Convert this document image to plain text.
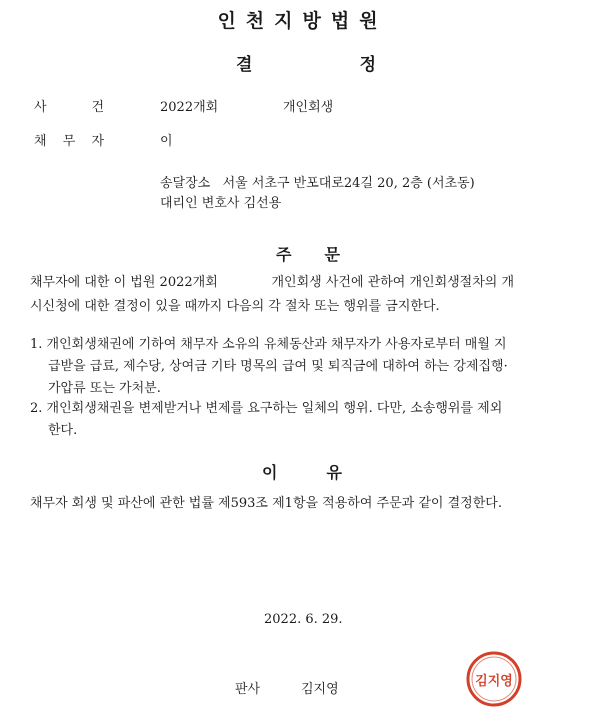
인천지방법원
결	정
사	건	2022개회	개인회생
채 무 자	이
송달장소   서울 서초구 반포대로24길 20, 2층 (서초동)
대리인 변호사 김선용
주 문

채무자에 대한 이 법원 2022개회             개인회생 사건에 관하여 개인회생절차의 개

시신청에 대한 결정이 있을 때까지 다음의 각 절차 또는 행위를 금지한다.

1. 개인회생채권에 기하여 채무자 소유의 유체동산과 채무자가 사용자로부터 매월 지

급받을 급료, 제수당, 상여금 기타 명목의 급여 및 퇴직금에 대하여 하는 강제집행·

가압류 또는 가처분.

2. 개인회생채권을 변제받거나 변제를 요구하는 일체의 행위. 다만, 소송행위를 제외

한다.

이	유
채무자 회생 및 파산에 관한 법률 제593조 제1항을 적용하여 주문과 같이 결정한다.
2022. 6. 29.
판사	김지영
김지영
